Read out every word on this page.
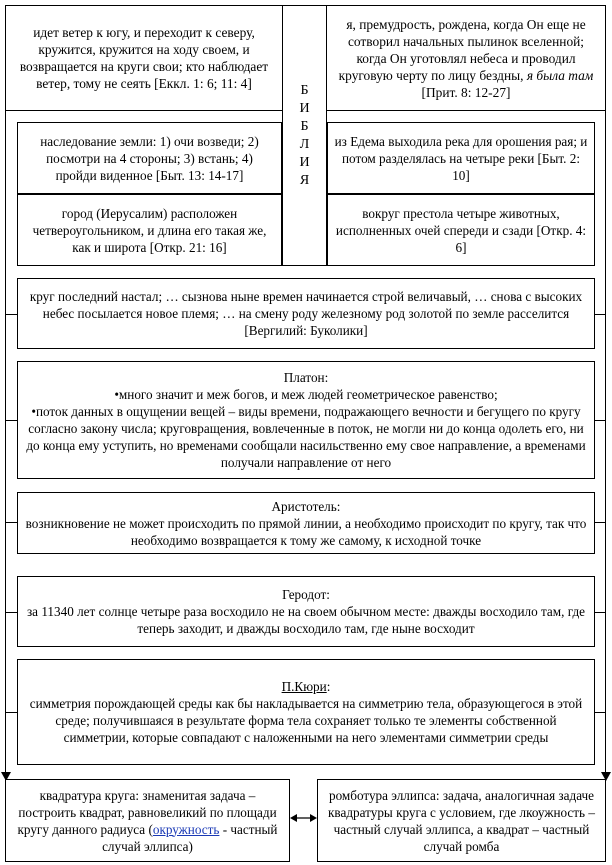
идет ветер к югу, и переходит к северу, кружится, кружится на ходу своем, и возвращается на круги свои; кто наблюдает ветер, тому не сеять [Еккл. 1: 6; 11: 4]
я, премудрость, рождена, когда Он еще не сотворил начальных пылинок вселенной; когда Он уготовлял небеса и проводил круговую черту по лицу бездны, я была там [Прит. 8: 12-27]
Б
И
Б
Л
И
Я
наследование земли: 1) очи возведи; 2) посмотри на 4 стороны; 3) встань; 4) пройди виденное [Быт. 13: 14-17]
из Едема выходила река для орошения рая; и потом разделялась на четыре реки [Быт. 2: 10]
город (Иерусалим) расположен четвероугольником, и длина его такая же, как и широта [Откр. 21: 16]
вокруг престола четыре животных, исполненных очей спереди и сзади [Откр. 4: 6]
круг последний настал; … сызнова ныне времен начинается строй величавый, … снова с высоких небес посылается новое племя; … на смену роду железному род золотой по земле расселится [Вергилий: Буколики]
Платон:
•много значит и меж богов, и меж людей геометрическое равенство;
•поток данных в ощущении вещей – виды времени, подражающего вечности и бегущего по кругу согласно закону числа; круговращения, вовлеченные в поток, не могли ни до конца одолеть его, ни до конца ему уступить, но временами сообщали насильственно ему свое направление, а временами получали направление от него
Аристотель:
возникновение не может происходить по прямой линии, а необходимо происходит по кругу, так что необходимо возвращается к тому же самому, к исходной точке
Геродот:
за 11340 лет солнце четыре раза восходило не на своем обычном месте: дважды восходило там, где теперь заходит, и дважды восходило там, где ныне восходит
П.Кюри:
симметрия порождающей среды как бы накладывается на симметрию тела, образующегося в этой среде; получившаяся в результате форма тела сохраняет только те элементы собственной симметрии, которые совпадают с наложенными на него элементами симметрии среды
квадратура круга: знаменитая задача – построить квадрат, равновеликий по площади кругу данного радиуса (окружность - частный случай эллипса)
ромботура эллипса: задача, аналогичная задаче квадратуры круга с условием, где лкоужность – частный случай эллипса, а квадрат – частный случай ромба
